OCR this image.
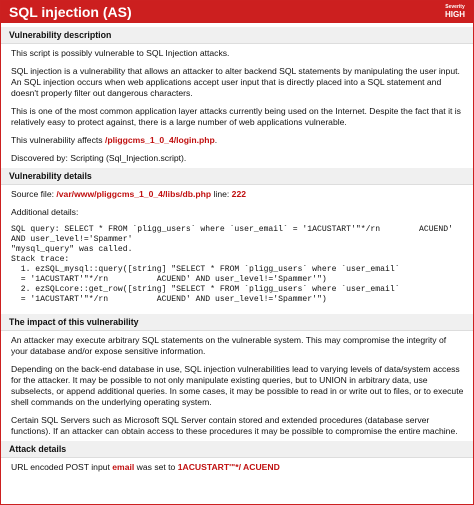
SQL injection (AS)	Severity
HIGH
Vulnerability description

This script is possibly vulnerable to SQL Injection attacks.

SQL injection is a vulnerability that allows an attacker to alter backend SQL statements by manipulating the user input. An SQL injection occurs when web applications accept user input that is directly placed into a SQL statement and doesn't properly filter out dangerous characters.

This is one of the most common application layer attacks currently being used on the Internet. Despite the fact that it is relatively easy to protect against, there is a large number of web applications vulnerable.

This vulnerability affects /pliggcms_1_0_4/login.php.

Discovered by: Scripting (Sql_Injection.script).

Vulnerability details

Source file: /var/www/pliggcms_1_0_4/libs/db.php line: 222

Additional details:

SQL query: SELECT * FROM `pligg_users` where `user_email` = '1ACUSTART'"*/rn        ACUEND'
AND user_level!='Spammer'
"mysql_query" was called.
Stack trace:
1. ezSQL_mysql::query([string] "SELECT * FROM `pligg_users` where `user_email`
= '1ACUSTART'"*/rn          ACUEND' AND user_level!='Spammer'")
2. ezSQLcore::get_row([string] "SELECT * FROM `pligg_users` where `user_email`
= '1ACUSTART'"*/rn          ACUEND' AND user_level!='Spammer'")
The impact of this vulnerability

An attacker may execute arbitrary SQL statements on the vulnerable system. This may compromise the integrity of your database and/or expose sensitive information.

Depending on the back-end database in use, SQL injection vulnerabilities lead to varying levels of data/system access for the attacker. It may be possible to not only manipulate existing queries, but to UNION in arbitrary data, use subselects, or append additional queries. In some cases, it may be possible to read in or write out to files, or to execute shell commands on the underlying operating system.

Certain SQL Servers such as Microsoft SQL Server contain stored and extended procedures (database server functions). If an attacker can obtain access to these procedures it may be possible to compromise the entire machine.

Attack details

URL encoded POST input email was set to 1ACUSTART'"*/ ACUEND
